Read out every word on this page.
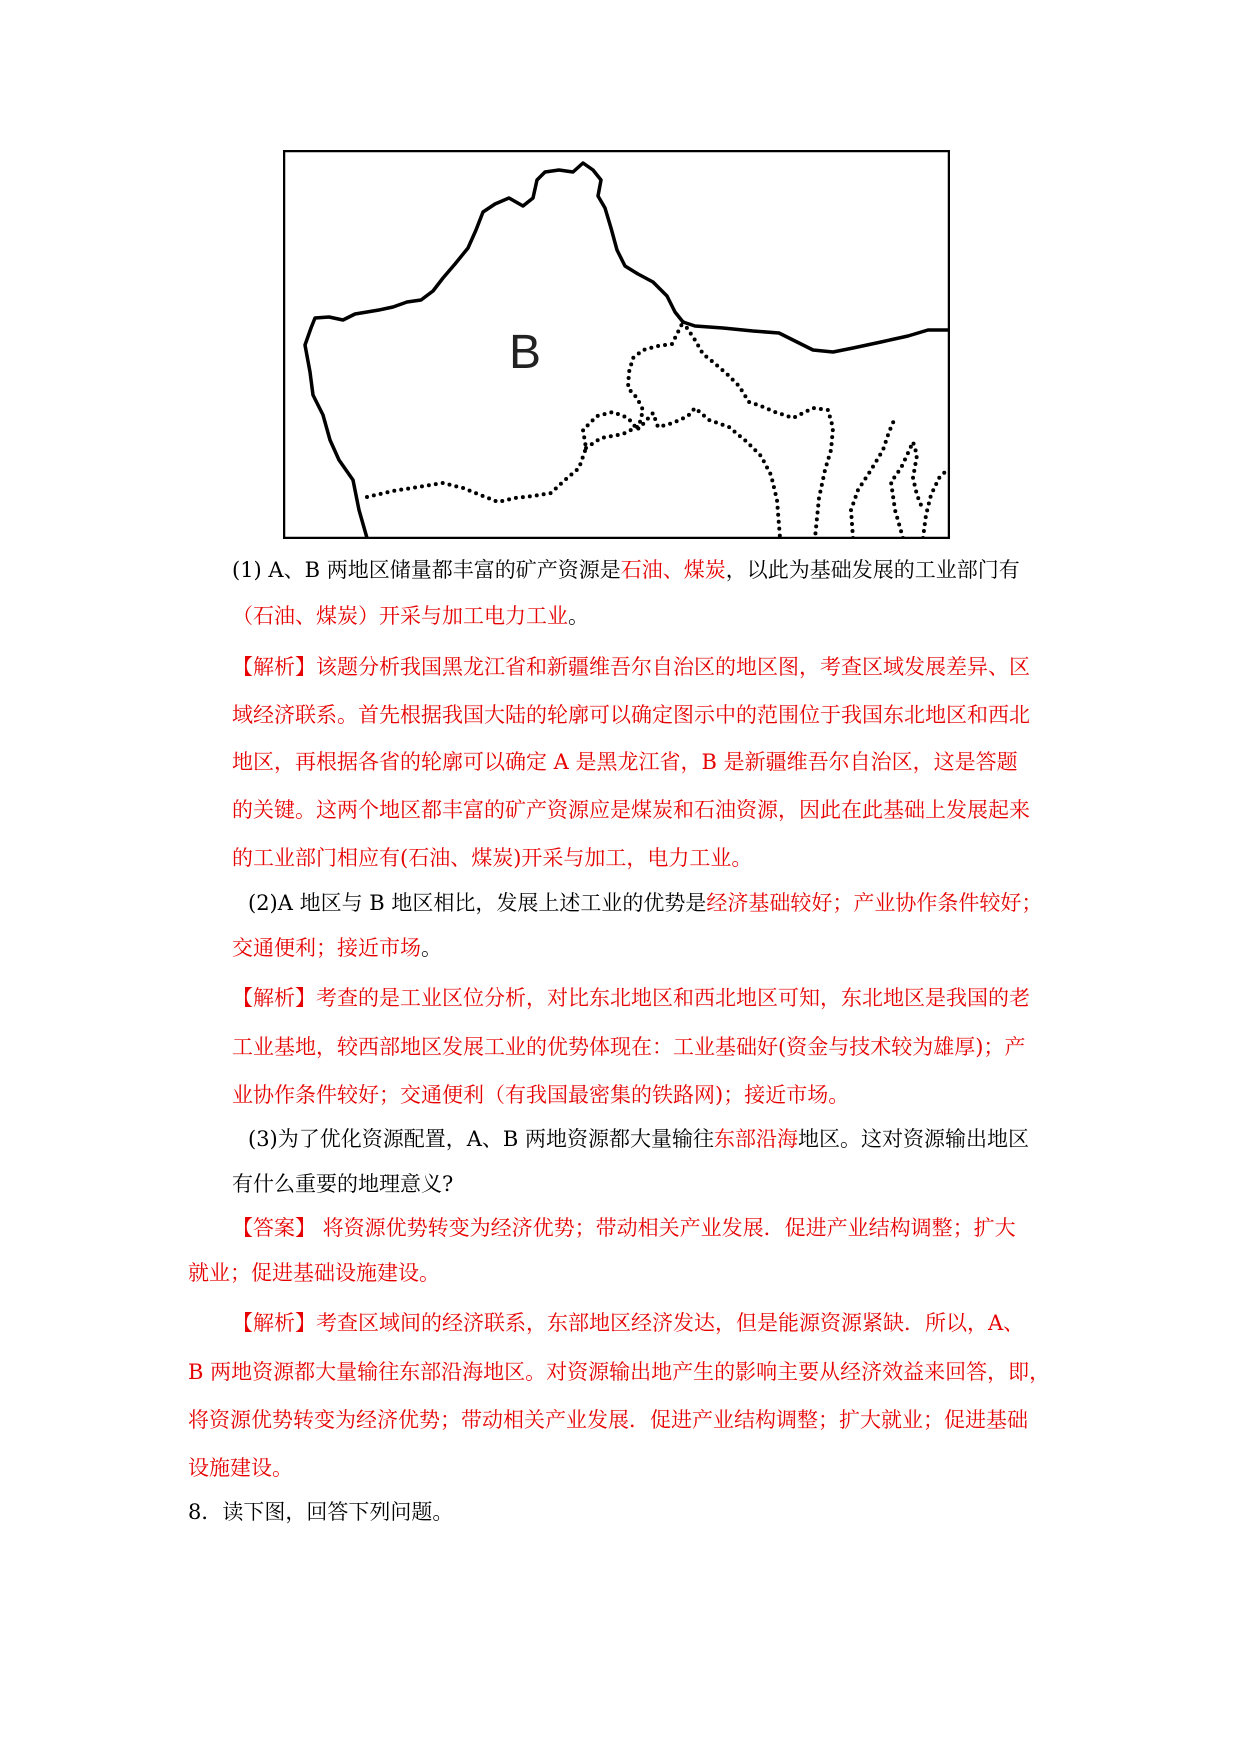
B
(1) A、B 两地区储量都丰富的矿产资源是石油、煤炭，以此为基础发展的工业部门有
（石油、煤炭）开采与加工电力工业。
【解析】该题分析我国黑龙江省和新疆维吾尔自治区的地区图，考查区域发展差异、区
域经济联系。首先根据我国大陆的轮廓可以确定图示中的范围位于我国东北地区和西北
地区，再根据各省的轮廓可以确定 A 是黑龙江省，B 是新疆维吾尔自治区，这是答题
的关键。这两个地区都丰富的矿产资源应是煤炭和石油资源，因此在此基础上发展起来
的工业部门相应有(石油、煤炭)开采与加工，电力工业。
(2)A 地区与 B 地区相比，发展上述工业的优势是经济基础较好；产业协作条件较好；
交通便利；接近市场。
【解析】考查的是工业区位分析，对比东北地区和西北地区可知，东北地区是我国的老
工业基地，较西部地区发展工业的优势体现在：工业基础好(资金与技术较为雄厚)；产
业协作条件较好；交通便利（有我国最密集的铁路网)；接近市场。
(3)为了优化资源配置，A、B 两地资源都大量输往东部沿海地区。这对资源输出地区
有什么重要的地理意义?
【答案】 将资源优势转变为经济优势；带动相关产业发展．促进产业结构调整；扩大
就业；促进基础设施建设。
【解析】考查区域间的经济联系，东部地区经济发达，但是能源资源紧缺．所以，A、
B 两地资源都大量输往东部沿海地区。对资源输出地产生的影响主要从经济效益来回答，即，
将资源优势转变为经济优势；带动相关产业发展．促进产业结构调整；扩大就业；促进基础
设施建设。
8．读下图，回答下列问题。
